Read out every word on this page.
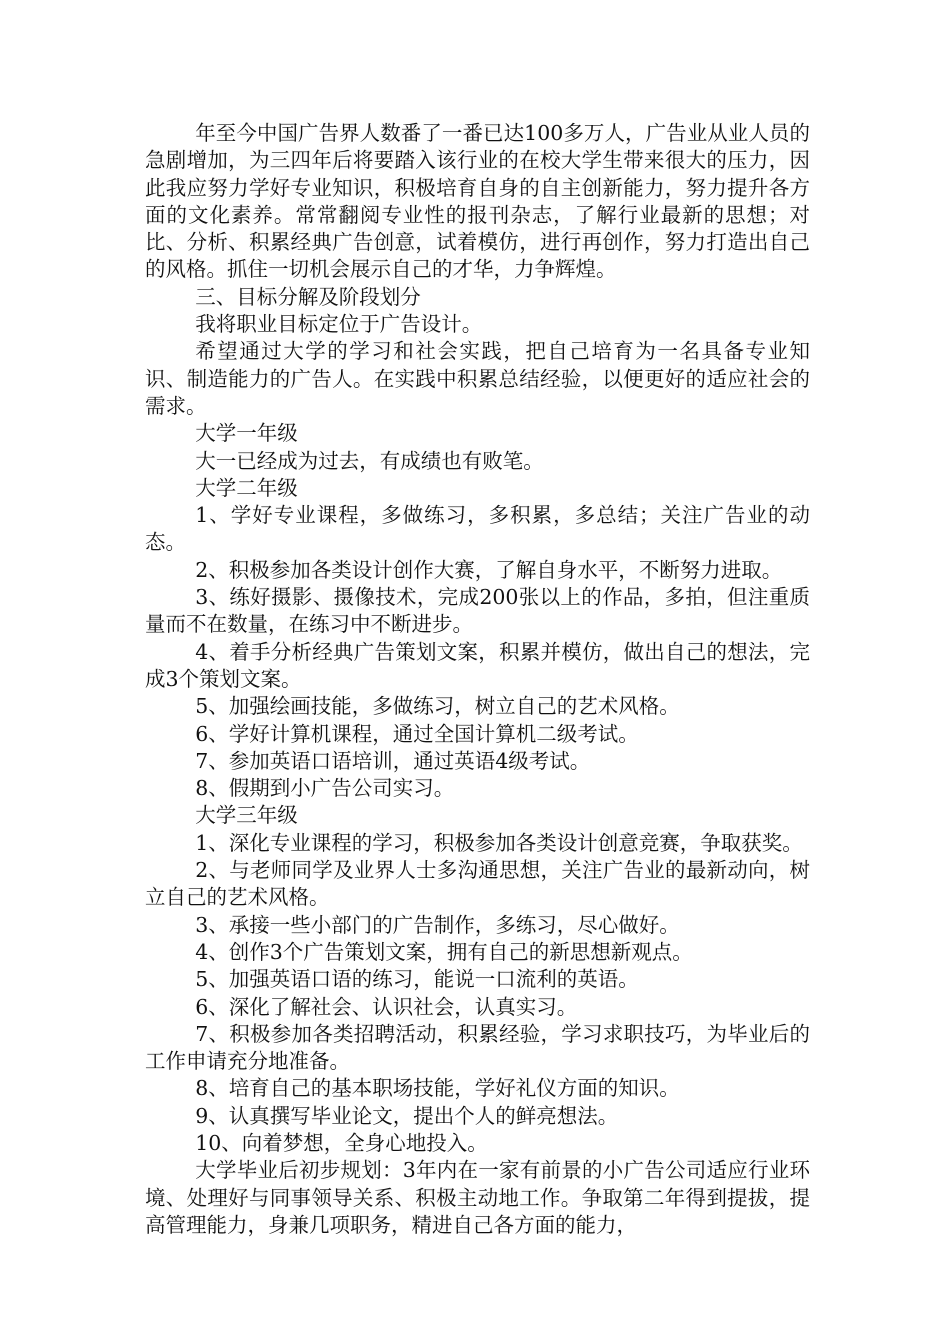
年至今中国广告界人数番了一番已达100多万人，广告业从业人员的急剧增加，为三四年后将要踏入该行业的在校大学生带来很大的压力，因此我应努力学好专业知识，积极培育自身的自主创新能力，努力提升各方面的文化素养。常常翻阅专业性的报刊杂志，了解行业最新的思想；对比、分析、积累经典广告创意，试着模仿，进行再创作，努力打造出自己的风格。抓住一切机会展示自己的才华，力争辉煌。

三、目标分解及阶段划分

我将职业目标定位于广告设计。

希望通过大学的学习和社会实践，把自己培育为一名具备专业知识、制造能力的广告人。在实践中积累总结经验，以便更好的适应社会的需求。

大学一年级

大一已经成为过去，有成绩也有败笔。

大学二年级

1、学好专业课程，多做练习，多积累，多总结；关注广告业的动态。

2、积极参加各类设计创作大赛，了解自身水平，不断努力进取。

3、练好摄影、摄像技术，完成200张以上的作品，多拍，但注重质量而不在数量，在练习中不断进步。

4、着手分析经典广告策划文案，积累并模仿，做出自己的想法，完成3个策划文案。

5、加强绘画技能，多做练习，树立自己的艺术风格。

6、学好计算机课程，通过全国计算机二级考试。

7、参加英语口语培训，通过英语4级考试。

8、假期到小广告公司实习。

大学三年级

1、深化专业课程的学习，积极参加各类设计创意竞赛，争取获奖。

2、与老师同学及业界人士多沟通思想，关注广告业的最新动向，树立自己的艺术风格。

3、承接一些小部门的广告制作，多练习，尽心做好。

4、创作3个广告策划文案，拥有自己的新思想新观点。

5、加强英语口语的练习，能说一口流利的英语。

6、深化了解社会、认识社会，认真实习。

7、积极参加各类招聘活动，积累经验，学习求职技巧，为毕业后的工作申请充分地准备。

8、培育自己的基本职场技能，学好礼仪方面的知识。

9、认真撰写毕业论文，提出个人的鲜亮想法。

10、向着梦想，全身心地投入。

大学毕业后初步规划：3年内在一家有前景的小广告公司适应行业环境、处理好与同事领导关系、积极主动地工作。争取第二年得到提拔，提高管理能力，身兼几项职务，精进自己各方面的能力，
